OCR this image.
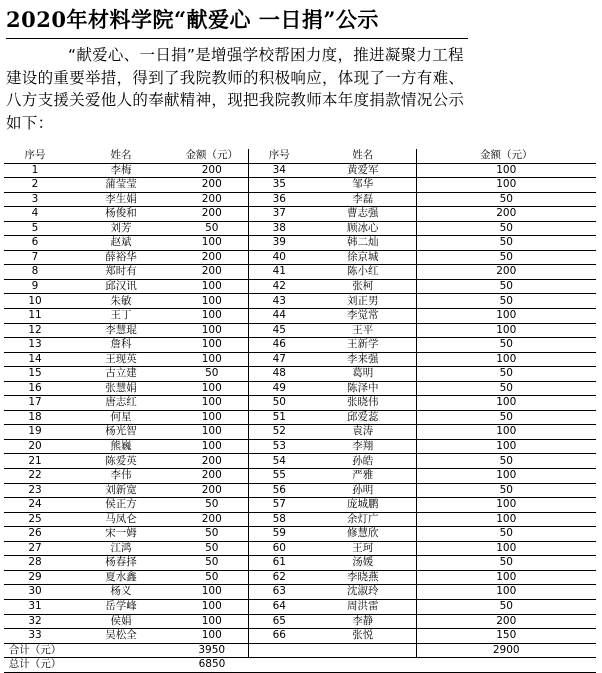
2020年材料学院“献爱心 一日捐”公示
“献爱心、一日捐”是增强学校帮困力度，推进凝聚力工程建设的重要举措，得到了我院教师的积极响应，体现了一方有难、八方支援关爱他人的奉献精神，现把我院教师本年度捐款情况公示如下：
序号	姓名	金额（元）	序号	姓名	金额（元）
1	李梅	200	34	黄爱军	100
2	蒲莹莹	200	35	邹华	100
3	李生娟	200	36	李磊	50
4	杨俊和	200	37	曹志强	200
5	刘芳	50	38	顾冰心	50
6	赵斌	100	39	韩二灿	50
7	薛裕华	200	40	徐京城	50
8	郑时有	200	41	陈小红	200
9	邱汉讯	100	42	张柯	50
10	朱敏	100	43	刘正男	50
11	王丁	100	44	李觉常	100
12	李慧琨	100	45	王平	100
13	詹科	100	46	王新学	50
14	王现英	100	47	李来强	100
15	古立建	50	48	葛明	50
16	张慧娟	100	49	陈泽中	50
17	唐志红	100	50	张晓伟	100
18	何星	100	51	邱爱蕊	50
19	杨光智	100	52	袁涛	100
20	熊巍	100	53	李翔	100
21	陈爱英	200	54	孙皓	50
22	李伟	200	55	严雅	100
23	刘新宽	200	56	孙明	50
24	侯正方	50	57	庞城鹏	100
25	马凤仑	200	58	余灯广	100
26	宋一姆	50	59	修慧欣	50
27	江鸿	50	60	王珂	100
28	杨春择	50	61	汤媛	50
29	夏水鑫	50	62	李晓燕	100
30	杨义	100	63	沈淑玲	100
31	岳学峰	100	64	周洪雷	50
32	侯娟	100	65	李静	200
33	吴松全	100	66	张悦	150
合计（元）		3950			2900
总计（元）		6850			
